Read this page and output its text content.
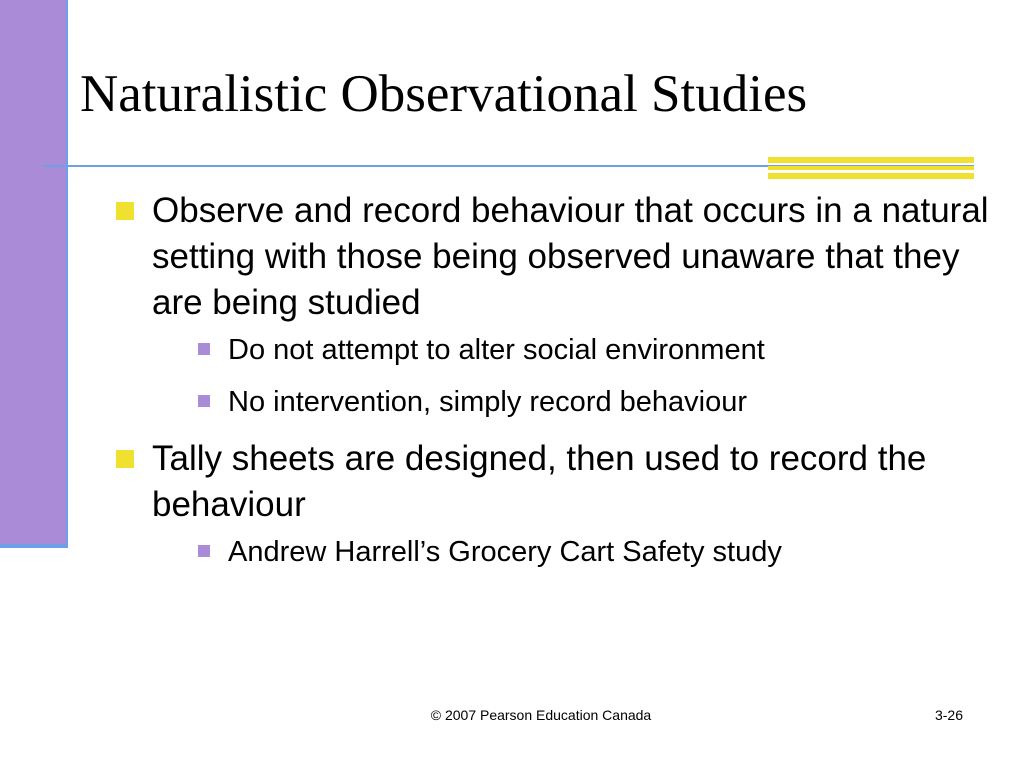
Naturalistic Observational Studies
Observe and record behaviour that occurs in a natural setting with those being observed unaware that they are being studied
Do not attempt to alter social environment
No intervention, simply record behaviour
Tally sheets are designed, then used to record the behaviour
Andrew Harrell’s Grocery Cart Safety study
© 2007 Pearson Education Canada	3-26
